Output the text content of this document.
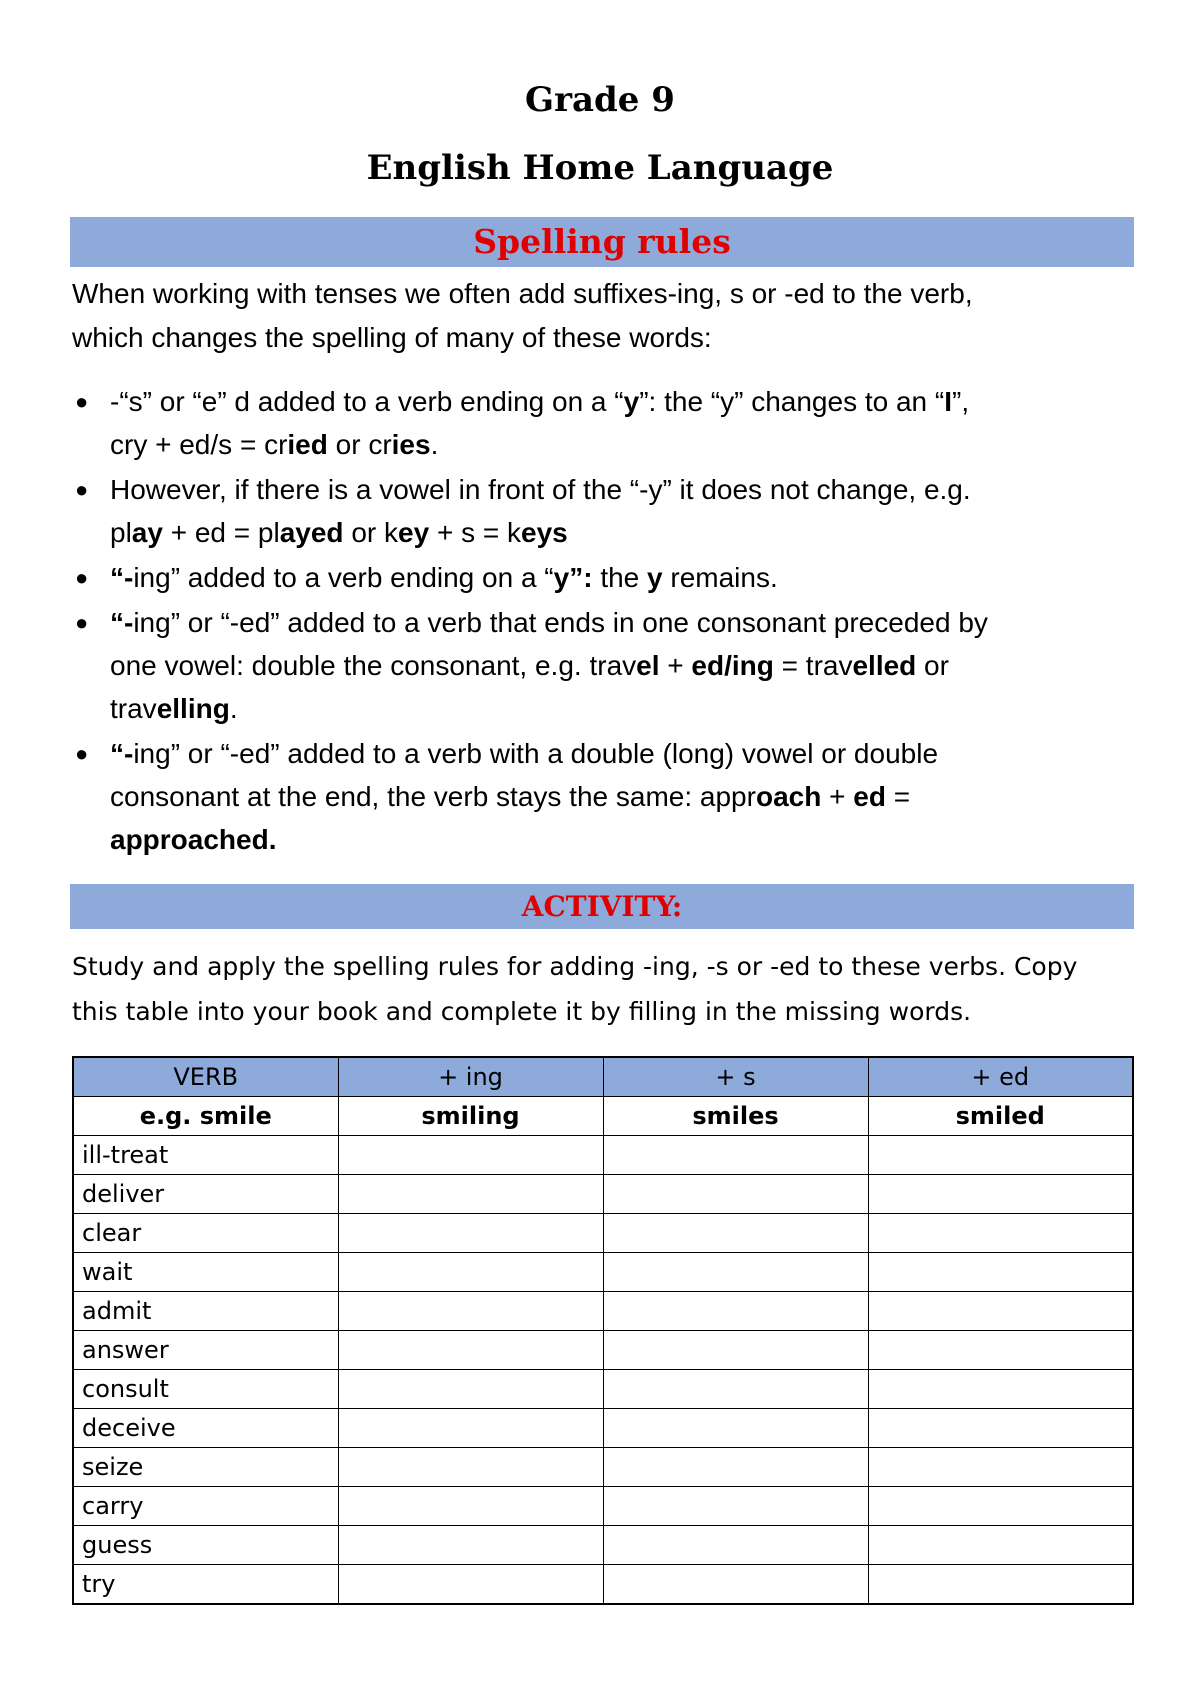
Grade 9
English Home Language
Spelling rules
When working with tenses we often add suffixes-ing, s or -ed to the verb,
which changes the spelling of many of these words:
● -“s” or “e” d added to a verb ending on a “y”: the “y” changes to an “I”,
cry + ed/s = cried or cries.
● However, if there is a vowel in front of the “-y” it does not change, e.g.
play + ed = played or key + s = keys
● “-ing” added to a verb ending on a “y”: the y remains.
● “-ing” or “-ed” added to a verb that ends in one consonant preceded by
one vowel: double the consonant, e.g. travel + ed/ing = travelled or
travelling.
● “-ing” or “-ed” added to a verb with a double (long) vowel or double
consonant at the end, the verb stays the same: approach + ed =
approached.
ACTIVITY:
Study and apply the spelling rules for adding -ing, -s or -ed to these verbs. Copy
this table into your book and complete it by filling in the missing words.
VERB	+ ing	+ s	+ ed
e.g. smile	smiling	smiles	smiled
ill-treat			
deliver			
clear			
wait			
admit			
answer			
consult			
deceive			
seize			
carry			
guess			
try			
